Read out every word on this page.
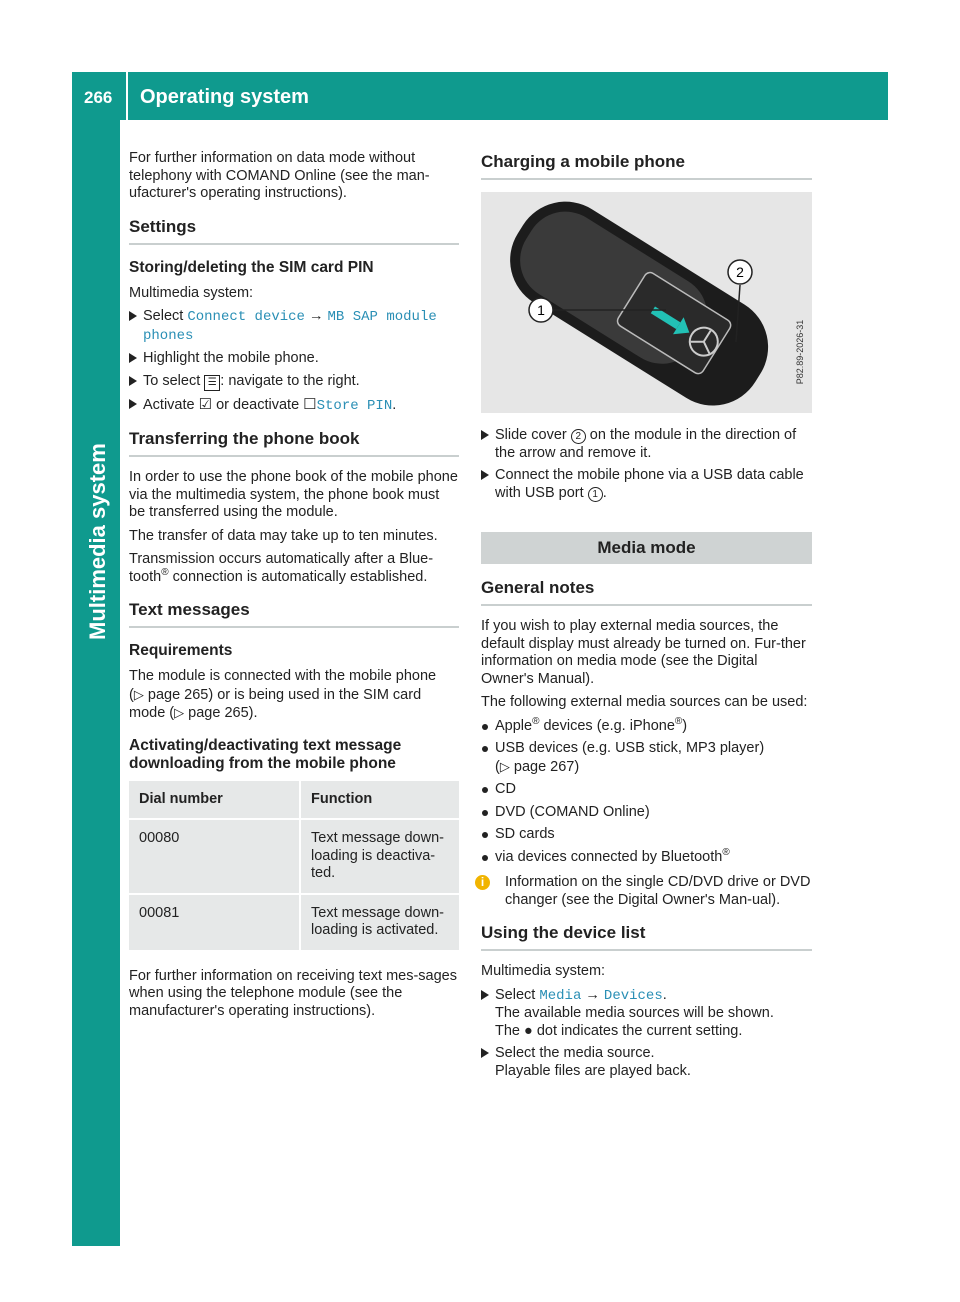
266 Operating system
Multimedia system

For further information on data mode without telephony with COMAND Online (see the man-ufacturer's operating instructions).

Settings
Storing/deleting the SIM card PIN

Multimedia system:

Select Connect device → MB SAP module phones
Highlight the mobile phone.
To select ☰ : navigate to the right.
Activate ☑ or deactivate ☐Store PIN.
Transferring the phone book

In order to use the phone book of the mobile phone via the multimedia system, the phone book must be transferred using the module.

The transfer of data may take up to ten minutes.

Transmission occurs automatically after a Blue-tooth® connection is automatically established.

Text messages
Requirements

The module is connected with the mobile phone (▷ page 265) or is being used in the SIM card mode (▷ page 265).

Activating/deactivating text message downloading from the mobile phone
Dial number	Function
00080	Text message down-loading is deactiva-ted.
00081	Text message down-loading is activated.

For further information on receiving text mes-sages when using the telephone module (see the manufacturer's operating instructions).

Charging a mobile phone
1
2
P82.89-2026-31
Slide cover 2 on the module in the direction of the arrow and remove it.
Connect the mobile phone via a USB data cable with USB port 1 .
Media mode
General notes

If you wish to play external media sources, the default display must already be turned on. Fur-ther information on media mode (see the Digital Owner's Manual).

The following external media sources can be used:

Apple® devices (e.g. iPhone®)
USB devices (e.g. USB stick, MP3 player)
(▷ page 267)
CD
DVD (COMAND Online)
SD cards
via devices connected by Bluetooth®
i	Information on the single CD/DVD drive or DVD changer (see the Digital Owner's Man-ual).
Using the device list

Multimedia system:

Select Media → Devices.
The available media sources will be shown.
The ● dot indicates the current setting.
Select the media source.
Playable files are played back.
